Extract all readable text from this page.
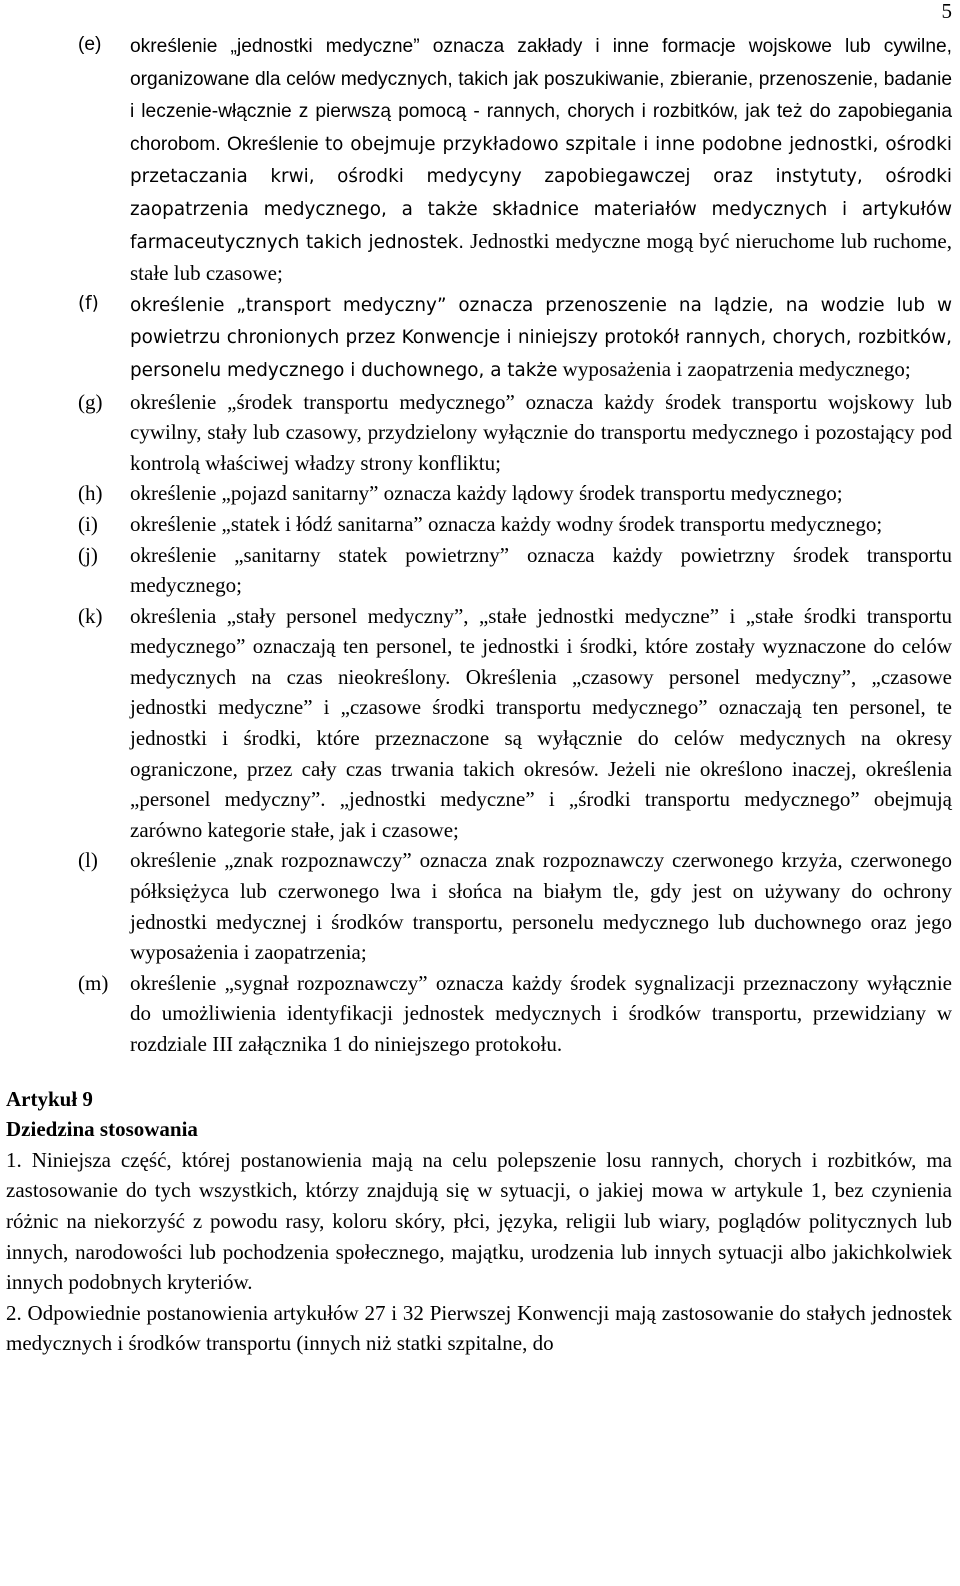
5

(e) określenie „jednostki medyczne” oznacza zakłady i inne formacje wojskowe lub cywilne, organizowane dla celów medycznych, takich jak poszukiwanie, zbieranie, przenoszenie, badanie i leczenie-włącznie z pierwszą pomocą - rannych, chorych i rozbitków, jak też do zapobiegania chorobom. Określenie to obejmuje przykładowo szpitale i inne podobne jednostki, ośrodki przetaczania krwi, ośrodki medycyny zapobiegawczej oraz instytuty, ośrodki zaopatrzenia medycznego, a także składnice materiałów medycznych i artykułów farmaceutycznych takich jednostek. Jednostki medyczne mogą być nieruchome lub ruchome, stałe lub czasowe;

(f) określenie „transport medyczny” oznacza przenoszenie na lądzie, na wodzie lub w powietrzu chronionych przez Konwencje i niniejszy protokół rannych, chorych, rozbitków, personelu medycznego i duchownego, a także wyposażenia i zaopatrzenia medycznego;

(g) określenie „środek transportu medycznego” oznacza każdy środek transportu wojskowy lub cywilny, stały lub czasowy, przydzielony wyłącznie do transportu medycznego i pozostający pod kontrolą właściwej władzy strony konfliktu;

(h) określenie „pojazd sanitarny” oznacza każdy lądowy środek transportu medycznego;

(i) określenie „statek i łódź sanitarna” oznacza każdy wodny środek transportu medycznego;

(j) określenie „sanitarny statek powietrzny” oznacza każdy powietrzny środek transportu medycznego;

(k) określenia „stały personel medyczny”, „stałe jednostki medyczne” i „stałe środki transportu medycznego” oznaczają ten personel, te jednostki i środki, które zostały wyznaczone do celów medycznych na czas nieokreślony. Określenia „czasowy personel medyczny”, „czasowe jednostki medyczne” i „czasowe środki transportu medycznego” oznaczają ten personel, te jednostki i środki, które przeznaczone są wyłącznie do celów medycznych na okresy ograniczone, przez cały czas trwania takich okresów. Jeżeli nie określono inaczej, określenia „personel medyczny”. „jednostki medyczne” i „środki transportu medycznego” obejmują zarówno kategorie stałe, jak i czasowe;

(l) określenie „znak rozpoznawczy” oznacza znak rozpoznawczy czerwonego krzyża, czerwonego półksiężyca lub czerwonego lwa i słońca na białym tle, gdy jest on używany do ochrony jednostki medycznej i środków transportu, personelu medycznego lub duchownego oraz jego wyposażenia i zaopatrzenia;

(m) określenie „sygnał rozpoznawczy” oznacza każdy środek sygnalizacji przeznaczony wyłącznie do umożliwienia identyfikacji jednostek medycznych i środków transportu, przewidziany w rozdziale III załącznika 1 do niniejszego protokołu.

Artykuł 9

Dziedzina stosowania

1. Niniejsza część, której postanowienia mają na celu polepszenie losu rannych, chorych i rozbitków, ma zastosowanie do tych wszystkich, którzy znajdują się w sytuacji, o jakiej mowa w artykule 1, bez czynienia różnic na niekorzyść z powodu rasy, koloru skóry, płci, języka, religii lub wiary, poglądów politycznych lub innych, narodowości lub pochodzenia społecznego, majątku, urodzenia lub innych sytuacji albo jakichkolwiek innych podobnych kryteriów.

2. Odpowiednie postanowienia artykułów 27 i 32 Pierwszej Konwencji mają zastosowanie do stałych jednostek medycznych i środków transportu (innych niż statki szpitalne, do
